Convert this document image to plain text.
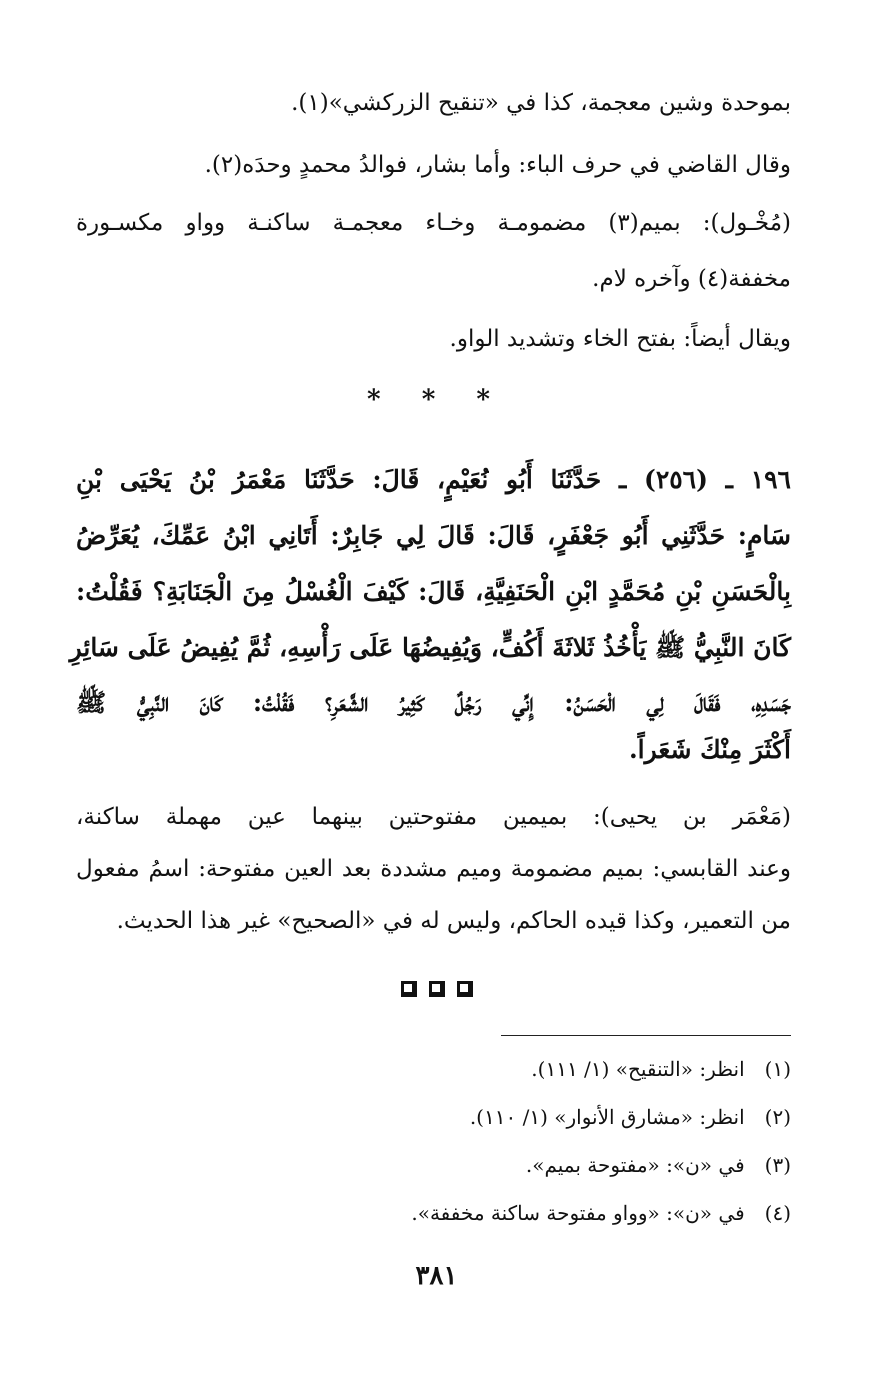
بموحدة وشين معجمة، كذا في «تنقيح الزركشي»(١).
وقال القاضي في حرف الباء: وأما بشار، فوالدُ محمدٍ وحدَه(٢).
(مُخْـول): بميم(٣) مضمومـة وخـاء معجمـة ساكنـة وواو مكسـورة
مخففة(٤) وآخره لام.
ويقال أيضاً: بفتح الخاء وتشديد الواو.
* * *
١٩٦ ـ (٢٥٦) ـ حَدَّثَنَا أَبُو نُعَيْمٍ، قَالَ: حَدَّثَنَا مَعْمَرُ بْنُ يَحْيَى بْنِ
سَامٍ: حَدَّثَنِي أَبُو جَعْفَرٍ، قَالَ: قَالَ لِي جَابِرٌ: أَتَانِي ابْنُ عَمِّكَ، يُعَرِّضُ
بِالْحَسَنِ بْنِ مُحَمَّدٍ ابْنِ الْحَنَفِيَّةِ، قَالَ: كَيْفَ الْغُسْلُ مِنَ الْجَنَابَةِ؟ فَقُلْتُ:
كَانَ النَّبِيُّ ﷺ يَأْخُذُ ثَلاثَةَ أَكُفٍّ، وَيُفِيضُهَا عَلَى رَأْسِهِ، ثُمَّ يُفِيضُ عَلَى سَائِرِ
جَسَدِهِ، فَقَالَ لِي الْحَسَنُ: إِنِّي رَجُلٌ كَثِيرُ الشَّعَرِ؟ فَقُلْتُ: كَانَ النَّبِيُّ ﷺ
أَكْثَرَ مِنْكَ شَعَراً.
(مَعْمَر بن يحيى): بميمين مفتوحتين بينهما عين مهملة ساكنة،
وعند القابسي: بميم مضمومة وميم مشددة بعد العين مفتوحة: اسمُ مفعول
من التعمير، وكذا قيده الحاكم، وليس له في «الصحيح» غير هذا الحديث.

(١) انظر: «التنقيح» (١/ ١١١).
(٢) انظر: «مشارق الأنوار» (١/ ١١٠).
(٣) في «ن»: «مفتوحة بميم».
(٤) في «ن»: «وواو مفتوحة ساكنة مخففة».
٣٨١
